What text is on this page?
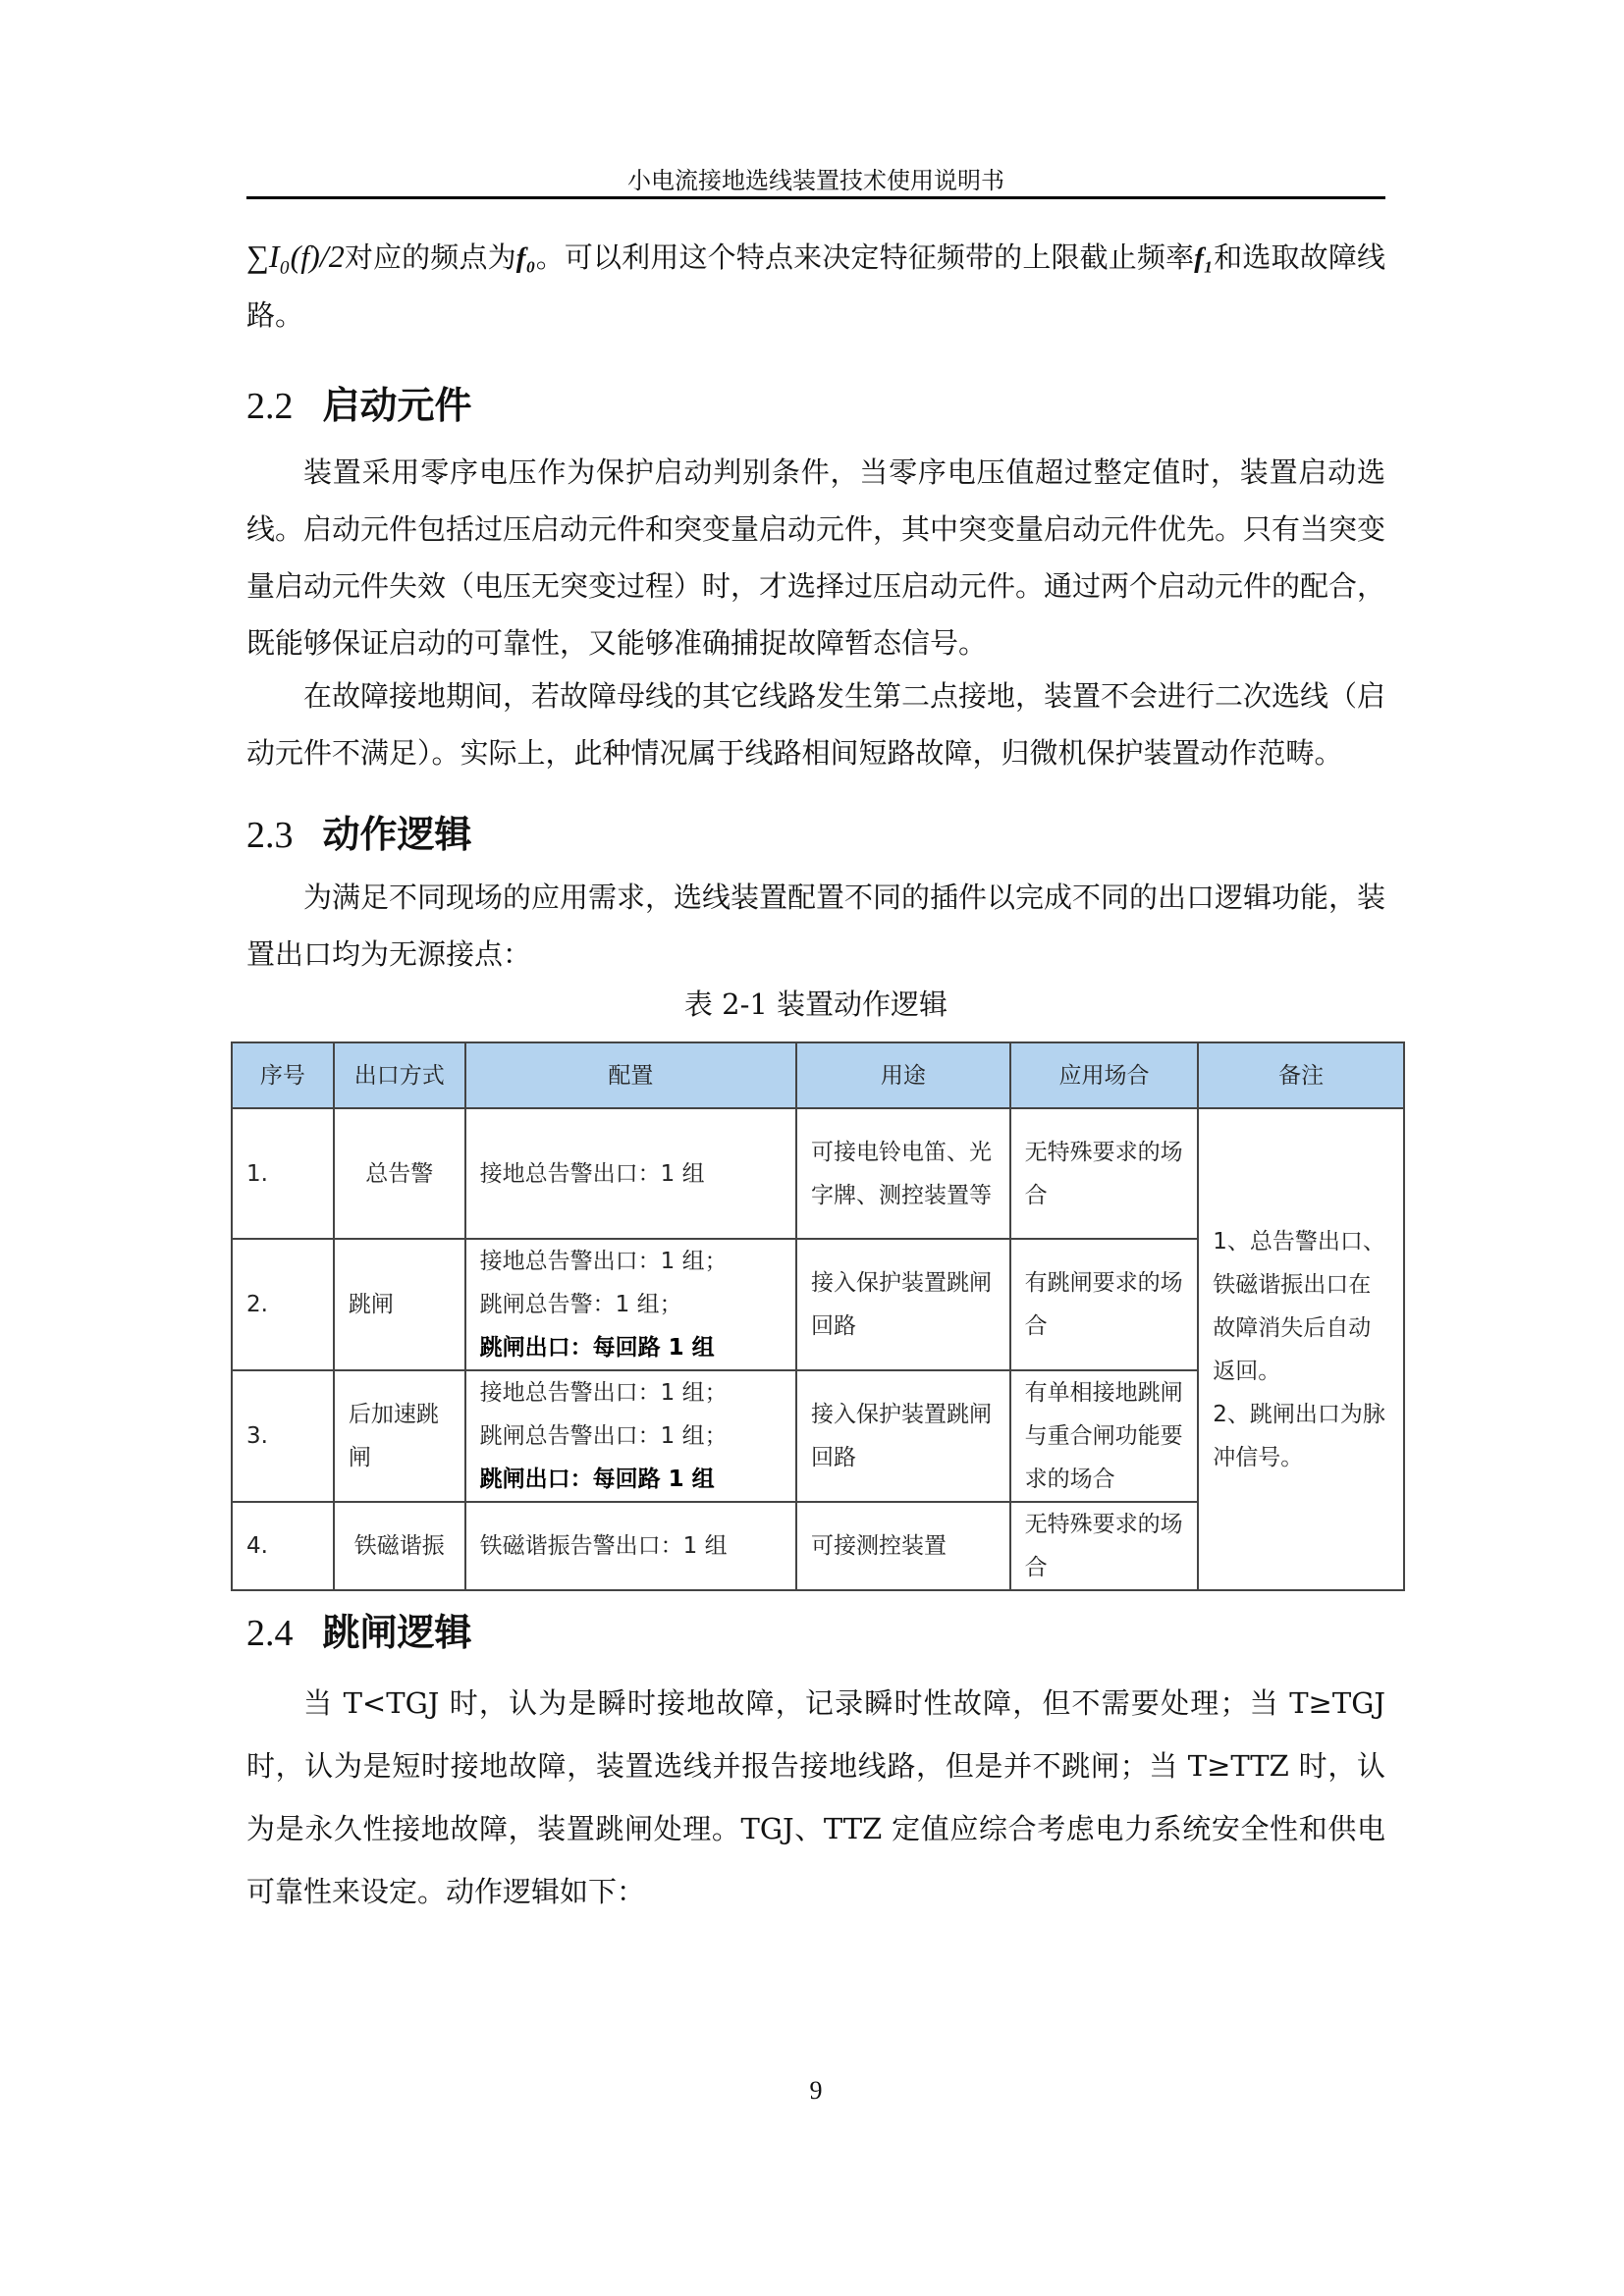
小电流接地选线装置技术使用说明书
∑I₀(f)/2对应的频点为f₀。可以利用这个特点来决定特征频带的上限截止频率f₁和选取故障线路。
2.2 启动元件
装置采用零序电压作为保护启动判别条件，当零序电压值超过整定值时，装置启动选线。启动元件包括过压启动元件和突变量启动元件，其中突变量启动元件优先。只有当突变量启动元件失效（电压无突变过程）时，才选择过压启动元件。通过两个启动元件的配合，既能够保证启动的可靠性，又能够准确捕捉故障暂态信号。
在故障接地期间，若故障母线的其它线路发生第二点接地，装置不会进行二次选线（启动元件不满足）。实际上，此种情况属于线路相间短路故障，归微机保护装置动作范畴。
2.3 动作逻辑
为满足不同现场的应用需求，选线装置配置不同的插件以完成不同的出口逻辑功能，装置出口均为无源接点：
表 2-1 装置动作逻辑
序号	出口方式	配置	用途	应用场合	备注
1.	总告警	接地总告警出口：1 组	可接电铃电笛、光字牌、测控装置等	无特殊要求的场合	1、总告警出口、铁磁谐振出口在故障消失后自动返回。
2、跳闸出口为脉冲信号。

2.	跳闸	接地总告警出口：1 组；
跳闸总告警：1 组；
跳闸出口：每回路 1 组	接入保护装置跳闸回路	有跳闸要求的场合	
3.	后加速跳闸	接地总告警出口：1 组；
跳闸总告警出口：1 组；
跳闸出口：每回路 1 组	接入保护装置跳闸回路	有单相接地跳闸与重合闸功能要求的场合	
4.	铁磁谐振	铁磁谐振告警出口：1 组	可接测控装置	无特殊要求的场合	
2.4 跳闸逻辑
当 T<TGJ 时，认为是瞬时接地故障，记录瞬时性故障，但不需要处理；当 T≥TGJ 时，认为是短时接地故障，装置选线并报告接地线路，但是并不跳闸；当 T≥TTZ 时，认为是永久性接地故障，装置跳闸处理。TGJ、TTZ 定值应综合考虑电力系统安全性和供电可靠性来设定。动作逻辑如下：
9
